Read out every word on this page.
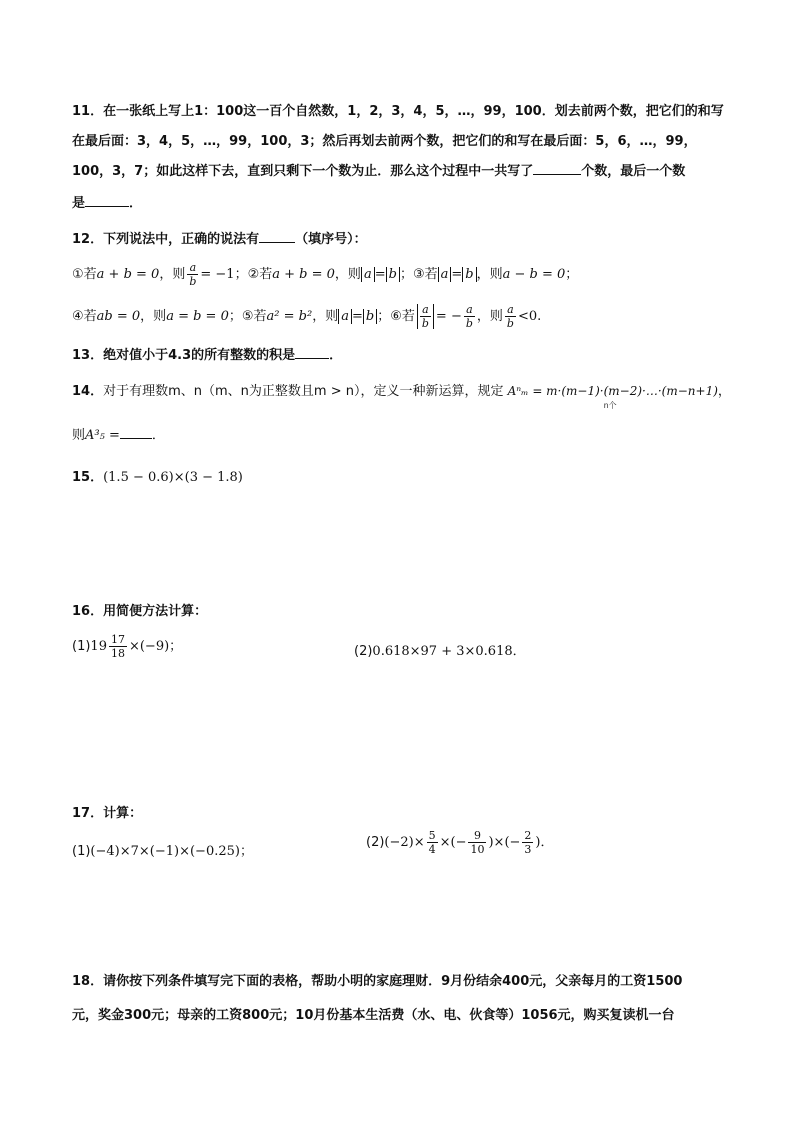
11．在一张纸上写上1：100这一百个自然数，1，2，3，4，5，…，99，100．划去前两个数，把它们的和写
在最后面：3，4，5，…，99，100，3；然后再划去前两个数，把它们的和写在最后面：5，6，…，99，
100，3，7；如此这样下去，直到只剩下一个数为止．那么这个过程中一共写了	个数，最后一个数
是	．
12．下列说法中，正确的说法有	（填序号）：
①若a + b = 0，则 $\frac{a}{b} = -1$；②若a + b = 0，则 a = b ；③若 a = b ，则a − b = 0；
④若ab = 0，则a = b = 0；⑤若a² = b²，则 a = b ；⑥若 $\frac{a}{b}$ = − $\frac{a}{b}$ ，则 $\frac{a}{b} <0$.
13．绝对值小于4.3的所有整数的积是	．
14．对于有理数m、n（m、n为正整数且m > n），定义一种新运算，规定 Aⁿₘ = m·(m−1)·(m−2)·…·(m−n+1)
n个
，
则A³₅ = ．
15．(1.5 − 0.6)×(3 − 1.8)
16．用简便方法计算：
$(1)19 \frac{17}{18} \times(-9)$；	(2)0.618×97 + 3×0.618．
17．计算：
(1)(−4)×7×(−1)×(−0.25)；
$(2)(-2)\times \frac{5}{4}$ ×(− $\frac{9}{10}$ )×(− $\frac{2}{3}$ )．
18．请你按下列条件填写完下面的表格，帮助小明的家庭理财．9月份结余400元，父亲每月的工资1500
元，奖金300元；母亲的工资800元；10月份基本生活费（水、电、伙食等）1056元，购买复读机一台
